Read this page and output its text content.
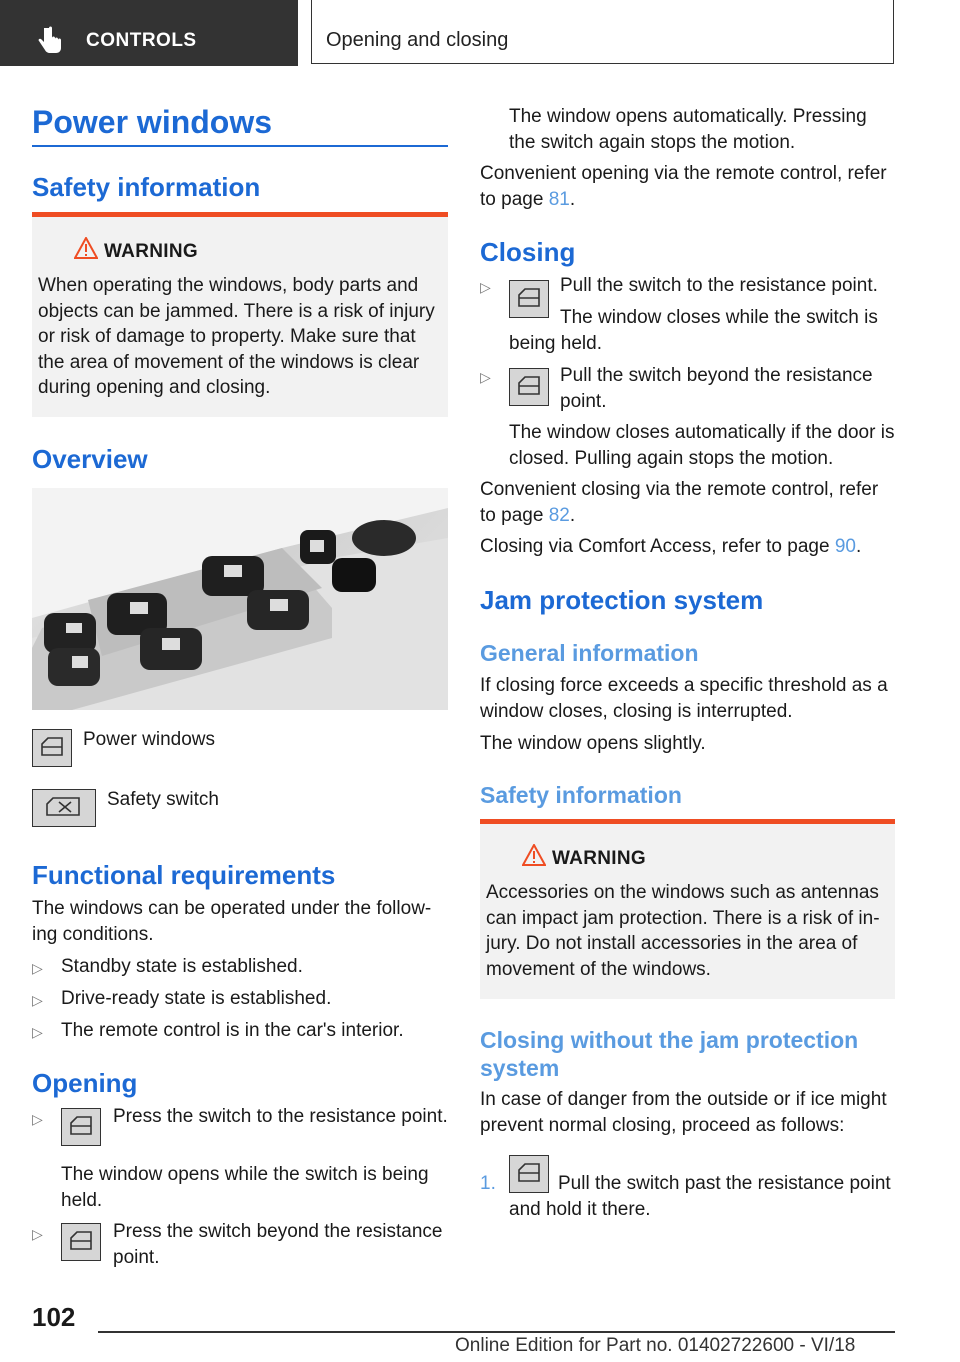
CONTROLS	Opening and closing
Power windows
Safety information
WARNING
When operating the windows, body parts and objects can be jammed. There is a risk of injury or risk of damage to property. Make sure that the area of movement of the windows is clear during opening and closing.
Overview
Power windows
Safety switch
Functional requirements
The windows can be operated under the following conditions.
▷ Standby state is established.
▷ Drive-ready state is established.
▷ The remote control is in the car's interior.
Opening
▷	Press the switch to the resistance point.
The window opens while the switch is being held.
▷	Press the switch beyond the resistance point.
The window opens automatically. Pressing the switch again stops the motion.
Convenient opening via the remote control, refer to page 81.
Closing
▷	Pull the switch to the resistance point.
The window closes while the switch is being held.
▷	Pull the switch beyond the resistance point.
The window closes automatically if the door is closed. Pulling again stops the motion.
Convenient closing via the remote control, refer to page 82.
Closing via Comfort Access, refer to page 90.
Jam protection system
General information
If closing force exceeds a specific threshold as a window closes, closing is interrupted.
The window opens slightly.
Safety information
WARNING
Accessories on the windows such as antennas can impact jam protection. There is a risk of injury. Do not install accessories in the area of movement of the windows.
Closing without the jam protection system
In case of danger from the outside or if ice might prevent normal closing, proceed as follows:
1.	Pull the switch past the resistance point and hold it there.
102
Online Edition for Part no. 01402722600 - VI/18
